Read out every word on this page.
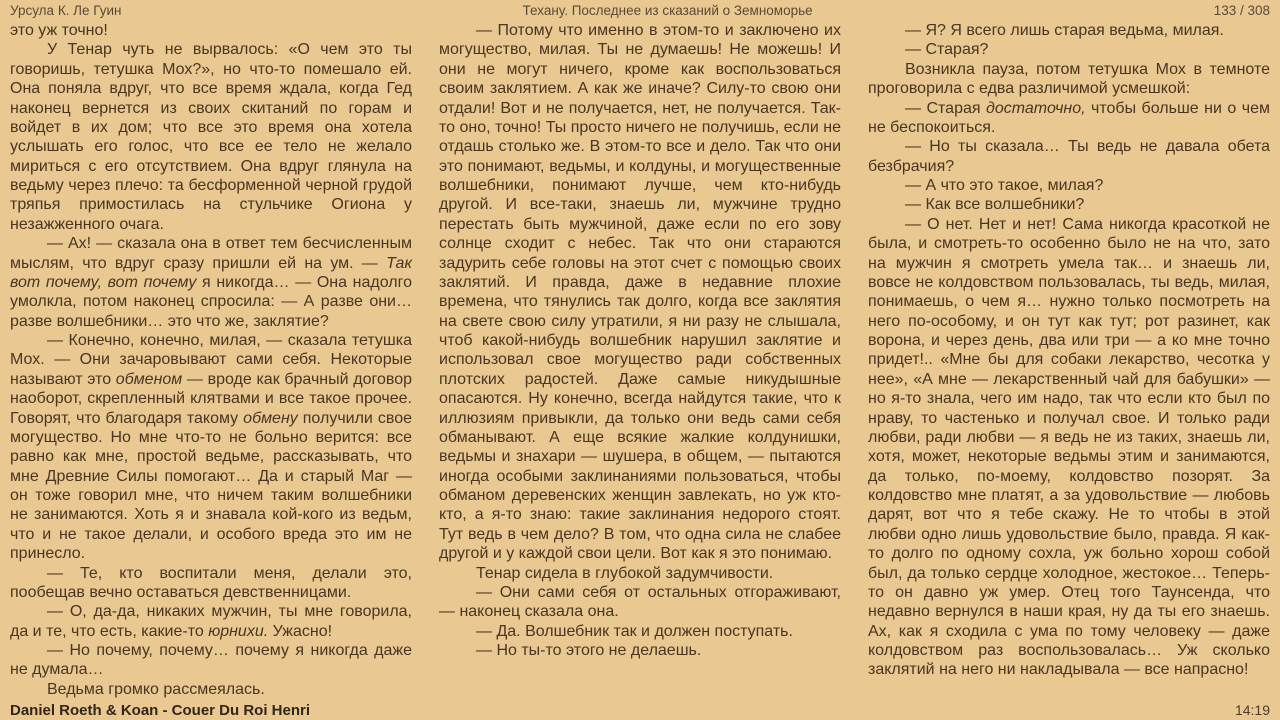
Урсула К. Ле Гуин	Техану. Последнее из сказаний о Земноморье	133 / 308

это уж точно!

У Тенар чуть не вырвалось: «О чем это ты говоришь, тетушка Мох?», но что-то помешало ей. Она поняла вдруг, что все время ждала, когда Гед наконец вернется из своих скитаний по горам и войдет в их дом; что все это время она хотела услышать его голос, что все ее тело не желало мириться с его отсутствием. Она вдруг глянула на ведьму через плечо: та бесформенной черной грудой тряпья примостилась на стульчике Огиона у незажженного очага.

— Ах! — сказала она в ответ тем бесчисленным мыслям, что вдруг сразу пришли ей на ум. — Так вот почему, вот почему я никогда… — Она надолго умолкла, потом наконец спросила: — А разве они… разве волшебники… это что же, заклятие?

— Конечно, конечно, милая, — сказала тетушка Мох. — Они зачаровывают сами себя. Некоторые называют это обменом — вроде как брачный договор наоборот, скрепленный клятвами и все такое прочее. Говорят, что благодаря такому обмену получили свое могущество. Но мне что-то не больно верится: все равно как мне, простой ведьме, рассказывать, что мне Древние Силы помогают… Да и старый Маг — он тоже говорил мне, что ничем таким волшебники не занимаются. Хоть я и знавала кой-кого из ведьм, что и не такое делали, и особого вреда это им не принесло.

— Те, кто воспитали меня, делали это, пообещав вечно оставаться девственницами.

— О, да-да, никаких мужчин, ты мне говорила, да и те, что есть, какие-то юрнихи. Ужасно!

— Но почему, почему… почему я никогда даже не думала…

Ведьма громко рассмеялась.

— Потому что именно в этом-то и заключено их могущество, милая. Ты не думаешь! Не можешь! И они не могут ничего, кроме как воспользоваться своим заклятием. А как же иначе? Силу-то свою они отдали! Вот и не получается, нет, не получается. Так-то оно, точно! Ты просто ничего не получишь, если не отдашь столько же. В этом-то все и дело. Так что они это понимают, ведьмы, и колдуны, и могущественные волшебники, понимают лучше, чем кто-нибудь другой. И все-таки, знаешь ли, мужчине трудно перестать быть мужчиной, даже если по его зову солнце сходит с небес. Так что они стараются задурить себе головы на этот счет с помощью своих заклятий. И правда, даже в недавние плохие времена, что тянулись так долго, когда все заклятия на свете свою силу утратили, я ни разу не слышала, чтоб какой-нибудь волшебник нарушил заклятие и использовал свое могущество ради собственных плотских радостей. Даже самые никудышные опасаются. Ну конечно, всегда найдутся такие, что к иллюзиям привыкли, да только они ведь сами себя обманывают. А еще всякие жалкие колдунишки, ведьмы и знахари — шушера, в общем, — пытаются иногда особыми заклинаниями пользоваться, чтобы обманом деревенских женщин завлекать, но уж кто-кто, а я-то знаю: такие заклинания недорого стоят. Тут ведь в чем дело? В том, что одна сила не слабее другой и у каждой свои цели. Вот как я это понимаю.

Тенар сидела в глубокой задумчивости.

— Они сами себя от остальных отгораживают, — наконец сказала она.

— Да. Волшебник так и должен поступать.

— Но ты-то этого не делаешь.

— Я? Я всего лишь старая ведьма, милая.

— Старая?

Возникла пауза, потом тетушка Мох в темноте проговорила с едва различимой усмешкой:

— Старая достаточно, чтобы больше ни о чем не беспокоиться.

— Но ты сказала… Ты ведь не давала обета безбрачия?

— А что это такое, милая?

— Как все волшебники?

— О нет. Нет и нет! Сама никогда красоткой не была, и смотреть-то особенно было не на что, зато на мужчин я смотреть умела так… и знаешь ли, вовсе не колдовством пользовалась, ты ведь, милая, понимаешь, о чем я… нужно только посмотреть на него по-особому, и он тут как тут; рот разинет, как ворона, и через день, два или три — а ко мне точно придет!.. «Мне бы для собаки лекарство, чесотка у нее», «А мне — лекарственный чай для бабушки» — но я-то знала, чего им надо, так что если кто был по нраву, то частенько и получал свое. И только ради любви, ради любви — я ведь не из таких, знаешь ли, хотя, может, некоторые ведьмы этим и занимаются, да только, по-моему, колдовство позорят. За колдовство мне платят, а за удовольствие — любовь дарят, вот что я тебе скажу. Не то чтобы в этой любви одно лишь удовольствие было, правда. Я как-то долго по одному сохла, уж больно хорош собой был, да только сердце холодное, жестокое… Теперь-то он давно уж умер. Отец того Таунсенда, что недавно вернулся в наши края, ну да ты его знаешь. Ах, как я сходила с ума по тому человеку — даже колдовством раз воспользовалась… Уж сколько заклятий на него ни накладывала — все напрасно!

Daniel Roeth & Koan - Couer Du Roi Henri	14:19
